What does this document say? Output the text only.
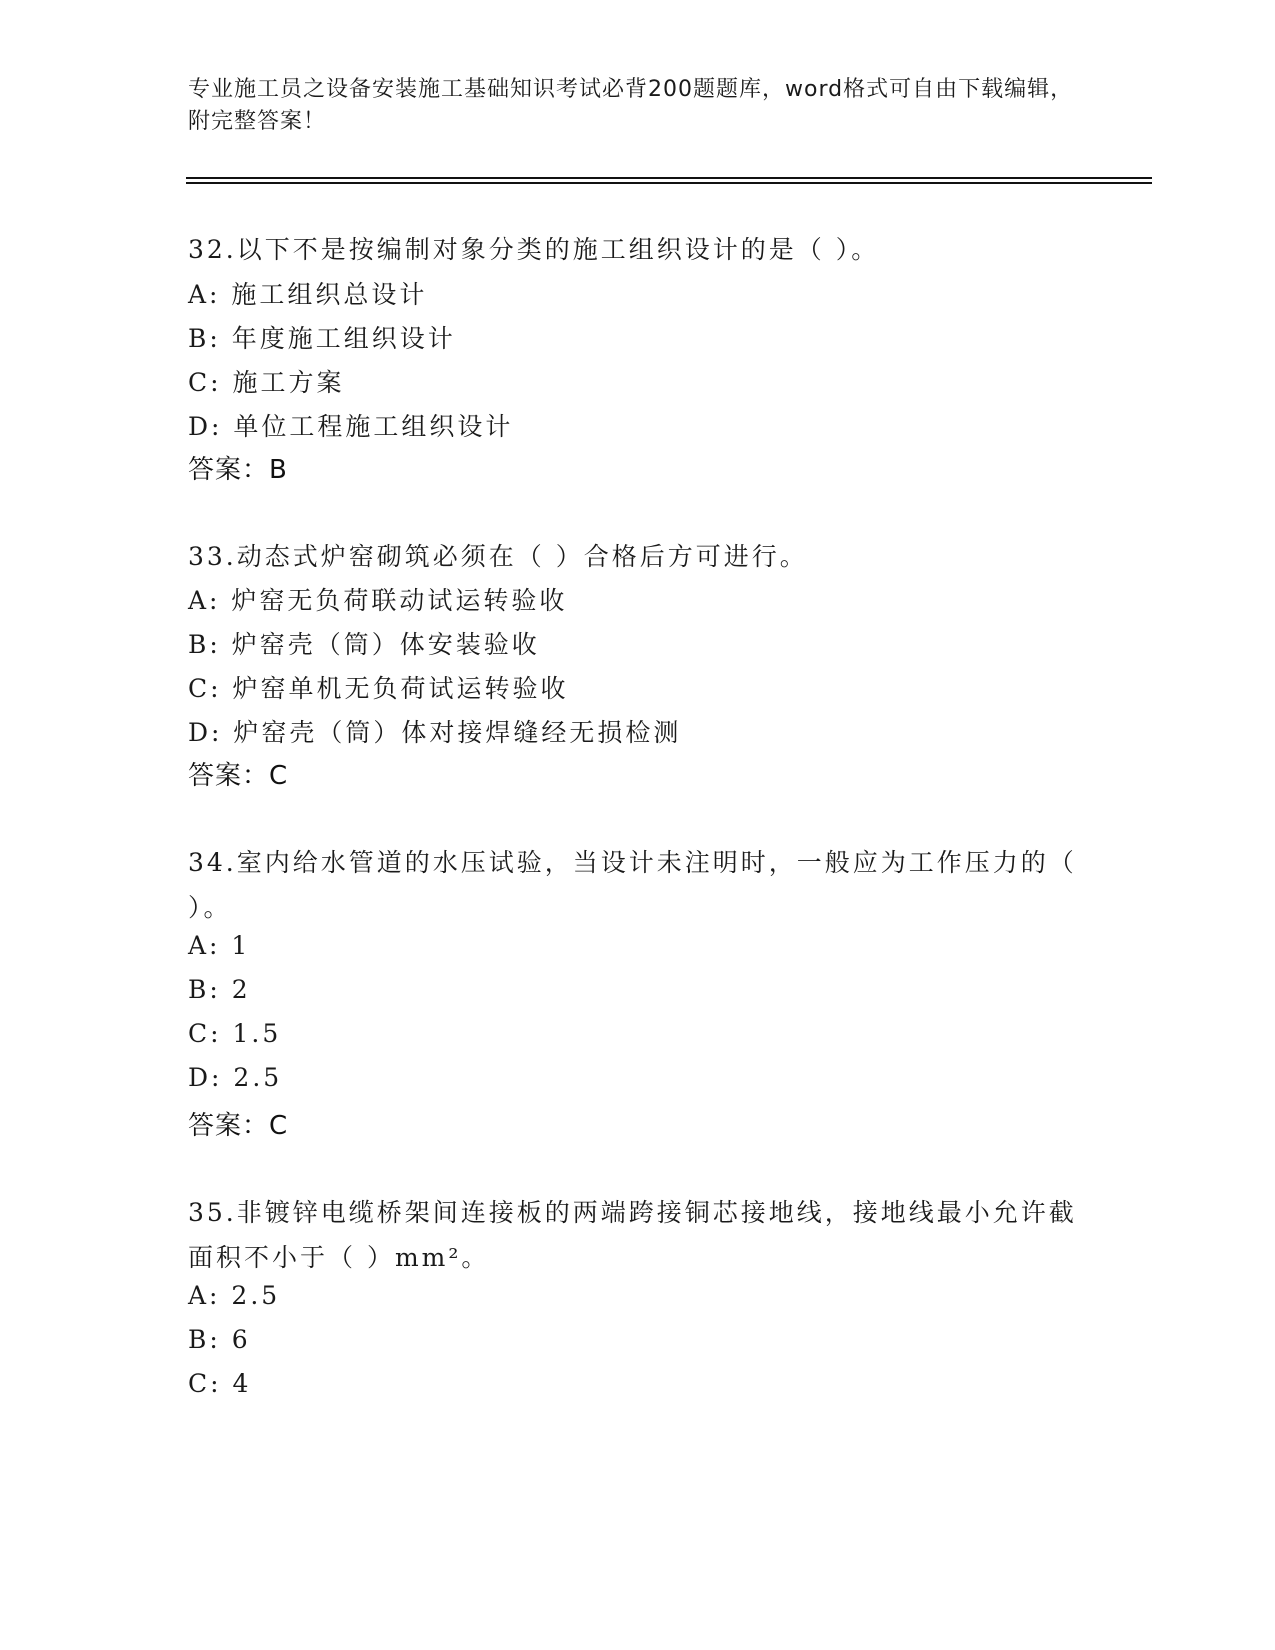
专业施工员之设备安装施工基础知识考试必背200题题库，word格式可自由下载编辑，附完整答案！
32.以下不是按编制对象分类的施工组织设计的是（ ）。
A: 施工组织总设计
B: 年度施工组织设计
C: 施工方案
D: 单位工程施工组织设计
答案：B
33.动态式炉窑砌筑必须在（ ）合格后方可进行。
A: 炉窑无负荷联动试运转验收
B: 炉窑壳（筒）体安装验收
C: 炉窑单机无负荷试运转验收
D: 炉窑壳（筒）体对接焊缝经无损检测
答案：C
34.室内给水管道的水压试验，当设计未注明时，一般应为工作压力的（ ）。
A: 1
B: 2
C: 1.5
D: 2.5
答案：C
35.非镀锌电缆桥架间连接板的两端跨接铜芯接地线，接地线最小允许截面积不小于（ ）mm²。
A: 2.5
B: 6
C: 4
